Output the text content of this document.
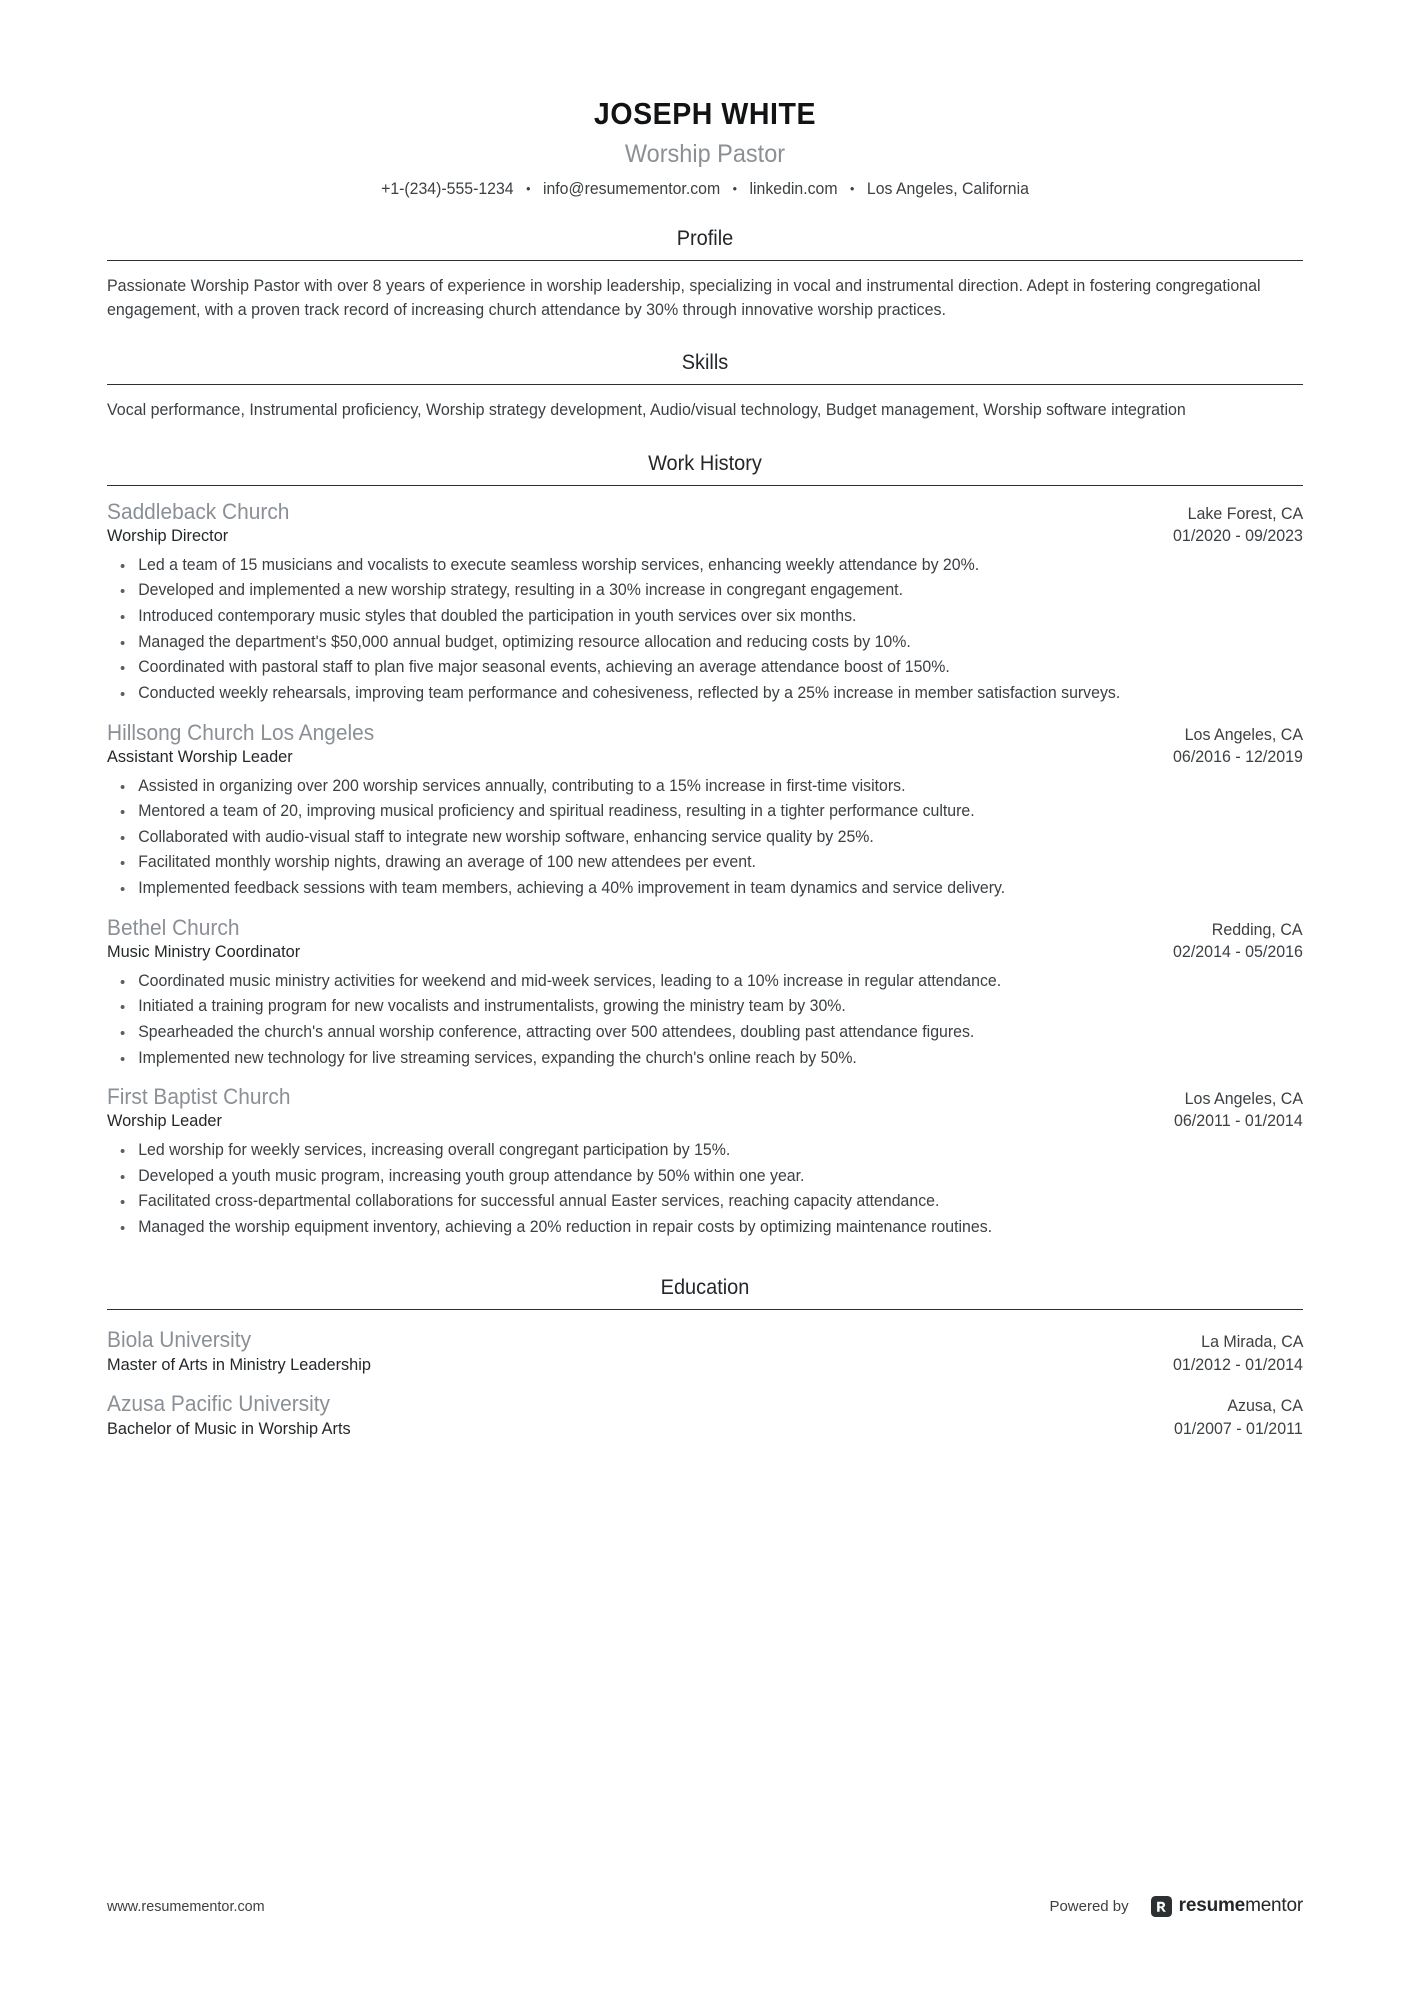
JOSEPH WHITE
Worship Pastor
+1-(234)-555-1234 • info@resumementor.com • linkedin.com • Los Angeles, California
Profile

Passionate Worship Pastor with over 8 years of experience in worship leadership, specializing in vocal and instrumental direction. Adept in fostering congregational engagement, with a proven track record of increasing church attendance by 30% through innovative worship practices.

Skills

Vocal performance, Instrumental proficiency, Worship strategy development, Audio/visual technology, Budget management, Worship software integration

Work History
Saddleback Church	Lake Forest, CA
Worship Director	01/2020 - 09/2023
Led a team of 15 musicians and vocalists to execute seamless worship services, enhancing weekly attendance by 20%.
Developed and implemented a new worship strategy, resulting in a 30% increase in congregant engagement.
Introduced contemporary music styles that doubled the participation in youth services over six months.
Managed the department's $50,000 annual budget, optimizing resource allocation and reducing costs by 10%.
Coordinated with pastoral staff to plan five major seasonal events, achieving an average attendance boost of 150%.
Conducted weekly rehearsals, improving team performance and cohesiveness, reflected by a 25% increase in member satisfaction surveys.
Hillsong Church Los Angeles	Los Angeles, CA
Assistant Worship Leader	06/2016 - 12/2019
Assisted in organizing over 200 worship services annually, contributing to a 15% increase in first-time visitors.
Mentored a team of 20, improving musical proficiency and spiritual readiness, resulting in a tighter performance culture.
Collaborated with audio-visual staff to integrate new worship software, enhancing service quality by 25%.
Facilitated monthly worship nights, drawing an average of 100 new attendees per event.
Implemented feedback sessions with team members, achieving a 40% improvement in team dynamics and service delivery.
Bethel Church	Redding, CA
Music Ministry Coordinator	02/2014 - 05/2016
Coordinated music ministry activities for weekend and mid-week services, leading to a 10% increase in regular attendance.
Initiated a training program for new vocalists and instrumentalists, growing the ministry team by 30%.
Spearheaded the church's annual worship conference, attracting over 500 attendees, doubling past attendance figures.
Implemented new technology for live streaming services, expanding the church's online reach by 50%.
First Baptist Church	Los Angeles, CA
Worship Leader	06/2011 - 01/2014
Led worship for weekly services, increasing overall congregant participation by 15%.
Developed a youth music program, increasing youth group attendance by 50% within one year.
Facilitated cross-departmental collaborations for successful annual Easter services, reaching capacity attendance.
Managed the worship equipment inventory, achieving a 20% reduction in repair costs by optimizing maintenance routines.
Education
Biola University	La Mirada, CA
Master of Arts in Ministry Leadership	01/2012 - 01/2014
Azusa Pacific University	Azusa, CA
Bachelor of Music in Worship Arts	01/2007 - 01/2011
www.resumementor.com	Powered by	resumementor
